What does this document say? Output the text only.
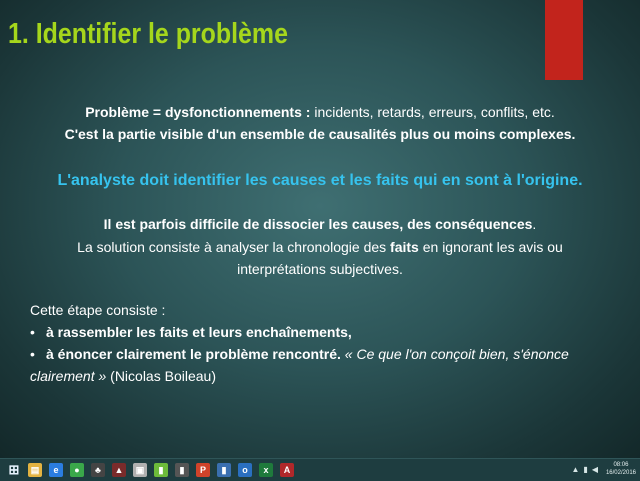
1. Identifier le problème
Problème = dysfonctionnements : incidents, retards, erreurs, conflits, etc.
C'est la partie visible d'un ensemble de causalités plus ou moins complexes.
L'analyste doit identifier les causes et les faits qui en sont à l'origine.
Il est parfois difficile de dissocier les causes, des conséquences.
La solution consiste à analyser la chronologie des faits en ignorant les avis ou
interprétations subjectives.
Cette étape consiste :
• à rassembler les faits et leurs enchaînements,
• à énoncer clairement le problème rencontré. « Ce que l'on conçoit bien, s'énonce
clairement » (Nicolas Boileau)
⊞	▤	e	●	♣	▲	▣	▮	▮	P	▮	o	x	A	▲ ▮ ◀	08:06
16/02/2016
